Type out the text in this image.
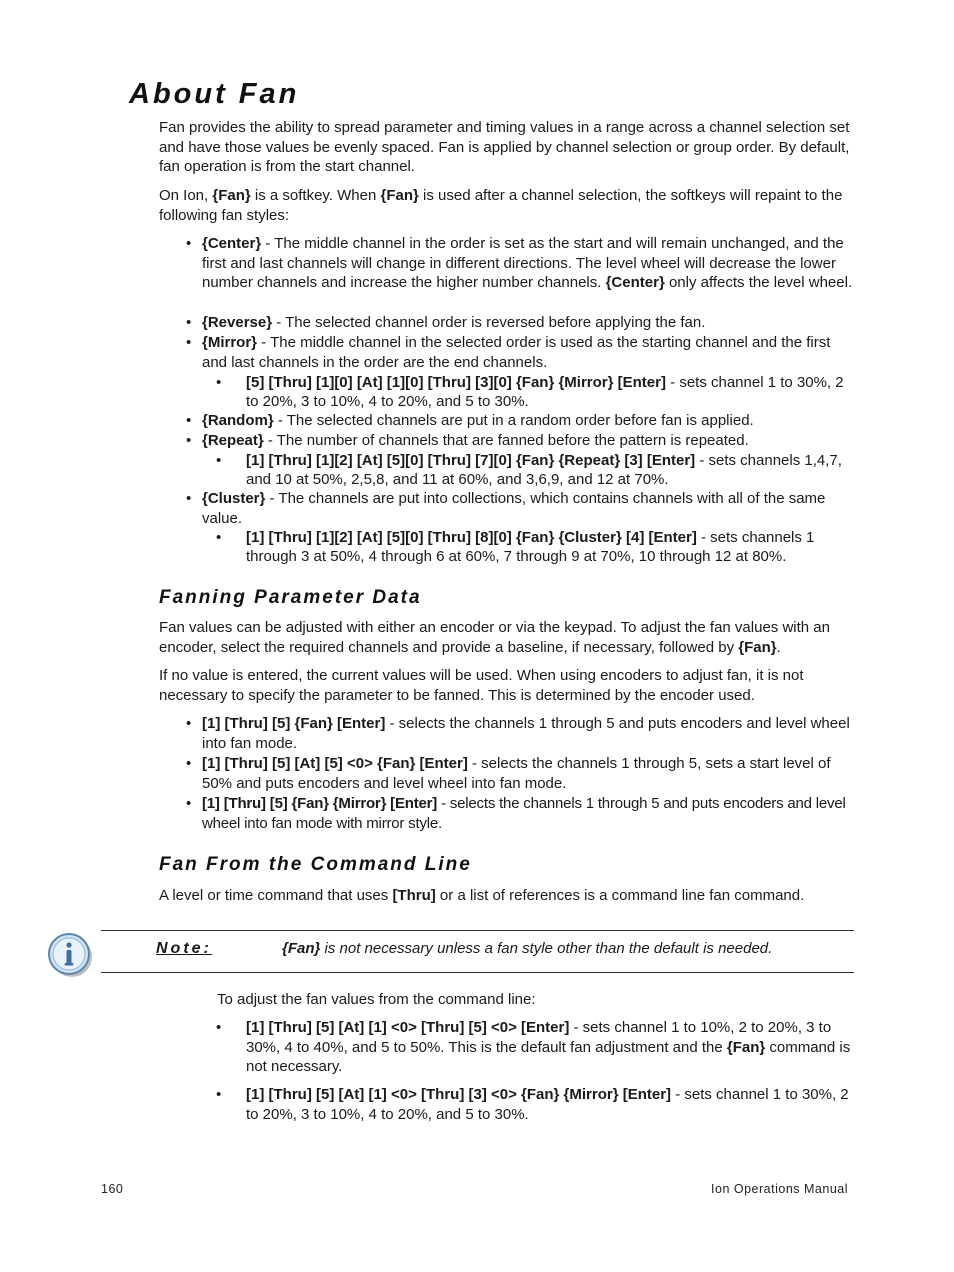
About Fan

Fan provides the ability to spread parameter and timing values in a range across a channel selection set and have those values be evenly spaced. Fan is applied by channel selection or group order. By default, fan operation is from the start channel.

On Ion, {Fan} is a softkey. When {Fan} is used after a channel selection, the softkeys will repaint to the following fan styles:

• {Center} - The middle channel in the order is set as the start and will remain unchanged, and the first and last channels will change in different directions. The level wheel will decrease the lower number channels and increase the higher number channels. {Center} only affects the level wheel.
• {Reverse} - The selected channel order is reversed before applying the fan.
• {Mirror} - The middle channel in the selected order is used as the starting channel and the first and last channels in the order are the end channels.
• [5] [Thru] [1][0] [At] [1][0] [Thru] [3][0] {Fan} {Mirror} [Enter] - sets channel 1 to 30%, 2 to 20%, 3 to 10%, 4 to 20%, and 5 to 30%.
• {Random} - The selected channels are put in a random order before fan is applied.
• {Repeat} - The number of channels that are fanned before the pattern is repeated.
• [1] [Thru] [1][2] [At] [5][0] [Thru] [7][0] {Fan} {Repeat} [3] [Enter] - sets channels 1,4,7, and 10 at 50%, 2,5,8, and 11 at 60%, and 3,6,9, and 12 at 70%.
• {Cluster} - The channels are put into collections, which contains channels with all of the same value.
• [1] [Thru] [1][2] [At] [5][0] [Thru] [8][0] {Fan} {Cluster} [4] [Enter] - sets channels 1 through 3 at 50%, 4 through 6 at 60%, 7 through 9 at 70%, 10 through 12 at 80%.
Fanning Parameter Data

Fan values can be adjusted with either an encoder or via the keypad. To adjust the fan values with an encoder, select the required channels and provide a baseline, if necessary, followed by {Fan}.

If no value is entered, the current values will be used. When using encoders to adjust fan, it is not necessary to specify the parameter to be fanned. This is determined by the encoder used.

• [1] [Thru] [5] {Fan} [Enter] - selects the channels 1 through 5 and puts encoders and level wheel into fan mode.
• [1] [Thru] [5] [At] [5] <0> {Fan} [Enter] - selects the channels 1 through 5, sets a start level of 50% and puts encoders and level wheel into fan mode.
• [1] [Thru] [5] {Fan} {Mirror} [Enter] - selects the channels 1 through 5 and puts encoders and level wheel into fan mode with mirror style.
Fan From the Command Line

A level or time command that uses [Thru] or a list of references is a command line fan command.

Note:	{Fan} is not necessary unless a fan style other than the default is needed.

To adjust the fan values from the command line:

• [1] [Thru] [5] [At] [1] <0> [Thru] [5] <0> [Enter] - sets channel 1 to 10%, 2 to 20%, 3 to 30%, 4 to 40%, and 5 to 50%. This is the default fan adjustment and the {Fan} command is not necessary.
• [1] [Thru] [5] [At] [1] <0> [Thru] [3] <0> {Fan} {Mirror} [Enter] - sets channel 1 to 30%, 2 to 20%, 3 to 10%, 4 to 20%, and 5 to 30%.
160	Ion Operations Manual
